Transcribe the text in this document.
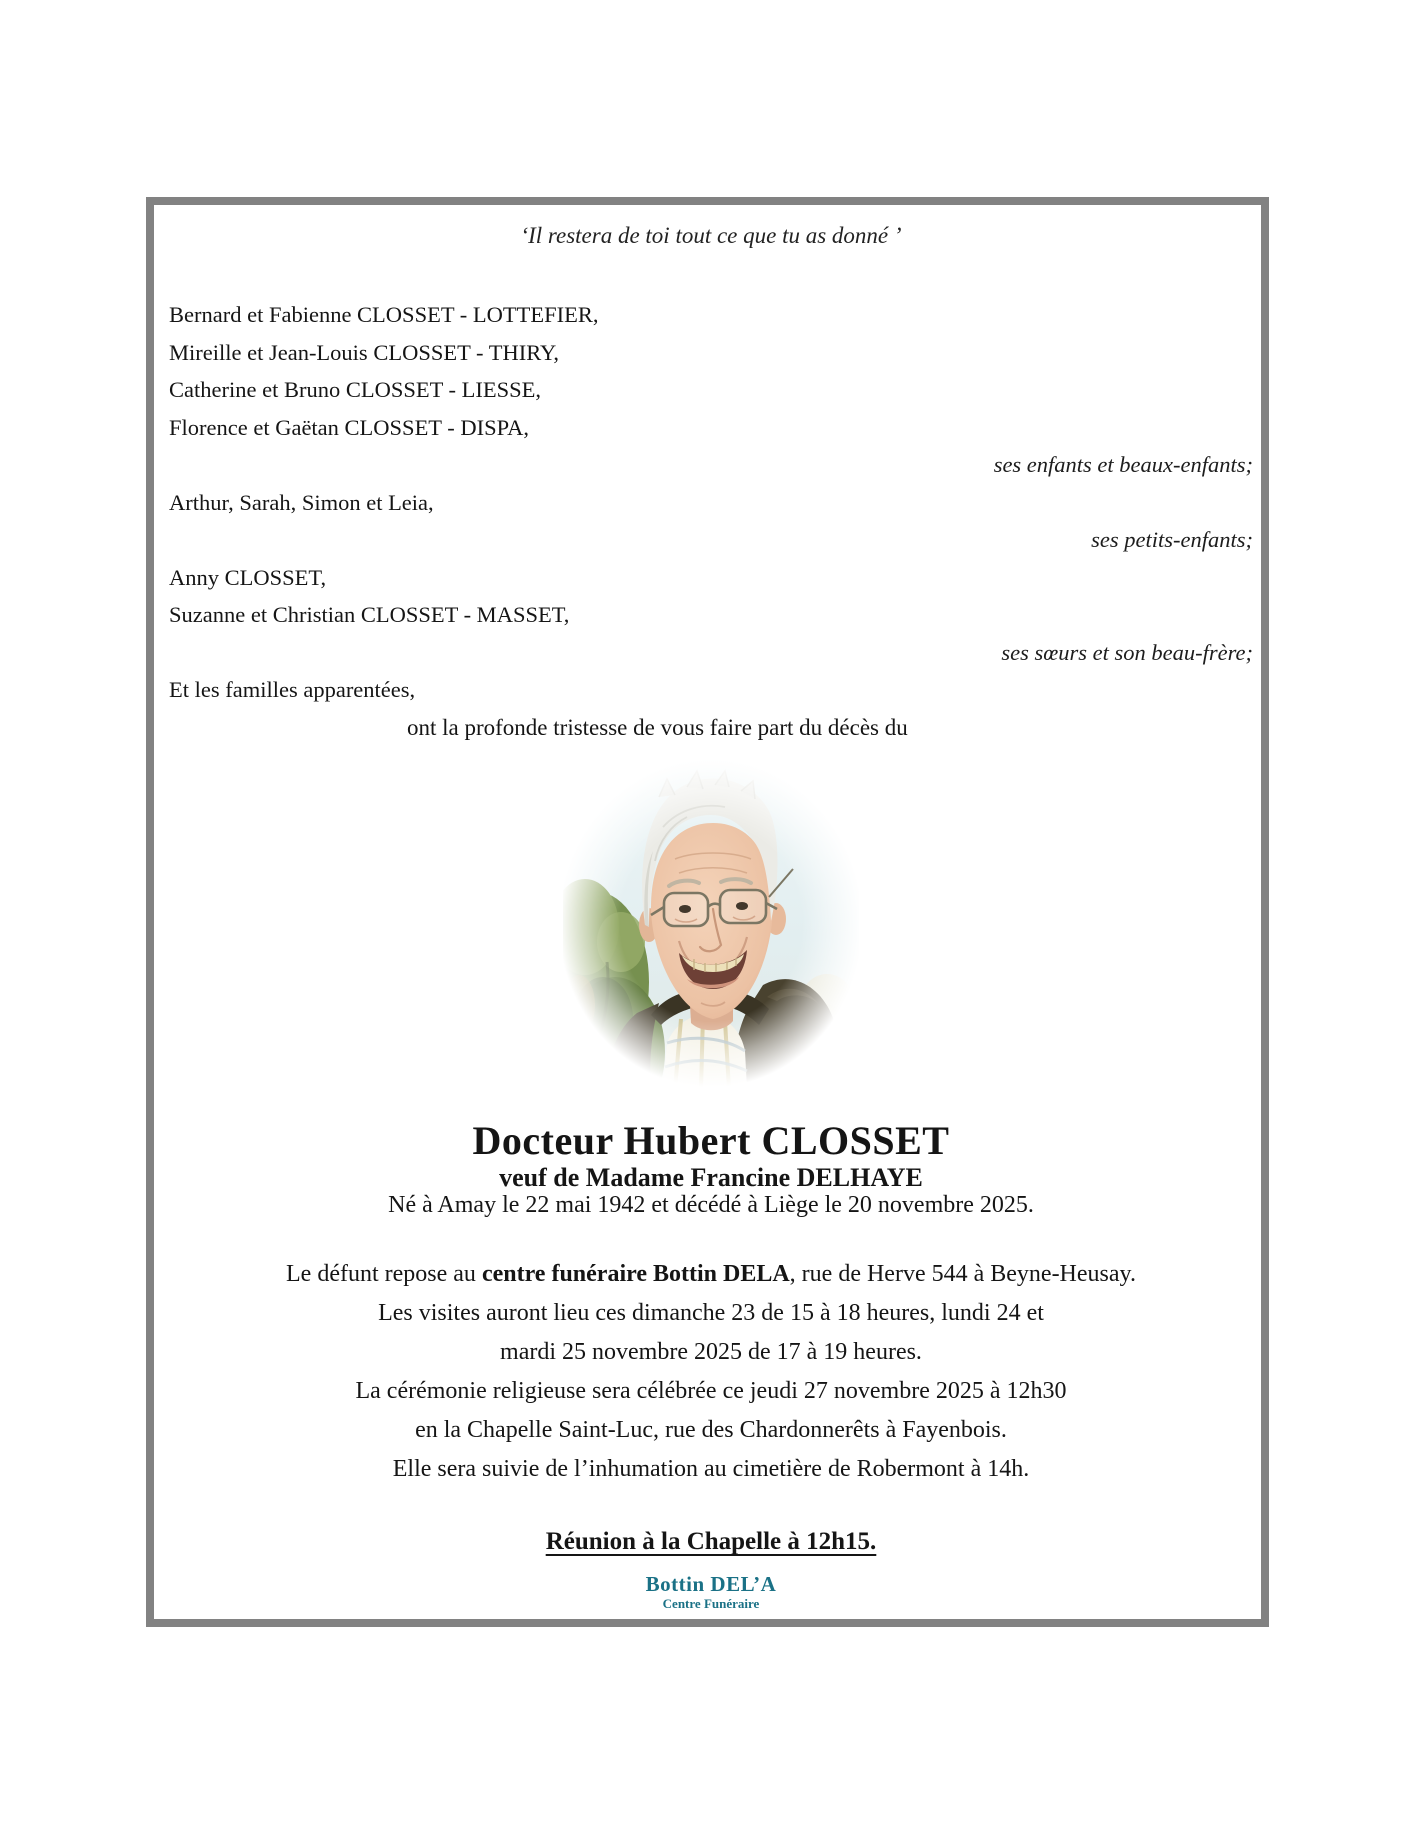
‘Il restera de toi tout ce que tu as donné ’
Bernard et Fabienne CLOSSET - LOTTEFIER,
Mireille et Jean-Louis CLOSSET - THIRY,
Catherine et Bruno CLOSSET - LIESSE,
Florence et Gaëtan CLOSSET - DISPA,
ses enfants et beaux-enfants;
Arthur, Sarah, Simon et Leia,
ses petits-enfants;
Anny CLOSSET,
Suzanne et Christian CLOSSET - MASSET,
ses sœurs et son beau-frère;
Et les familles apparentées,
ont la profonde tristesse de vous faire part du décès du
Docteur Hubert CLOSSET
veuf de Madame Francine DELHAYE
Né à Amay le 22 mai 1942 et décédé à Liège le 20 novembre 2025.
Le défunt repose au centre funéraire Bottin DELA, rue de Herve 544 à Beyne-Heusay.
Les visites auront lieu ces dimanche 23 de 15 à 18 heures, lundi 24 et
mardi 25 novembre 2025 de 17 à 19 heures.
La cérémonie religieuse sera célébrée ce jeudi 27 novembre 2025 à 12h30
en la Chapelle Saint-Luc, rue des Chardonnerêts à Fayenbois.
Elle sera suivie de l’inhumation au cimetière de Robermont à 14h.
Réunion à la Chapelle à 12h15.
Bottin DEL’A
Centre Funéraire
